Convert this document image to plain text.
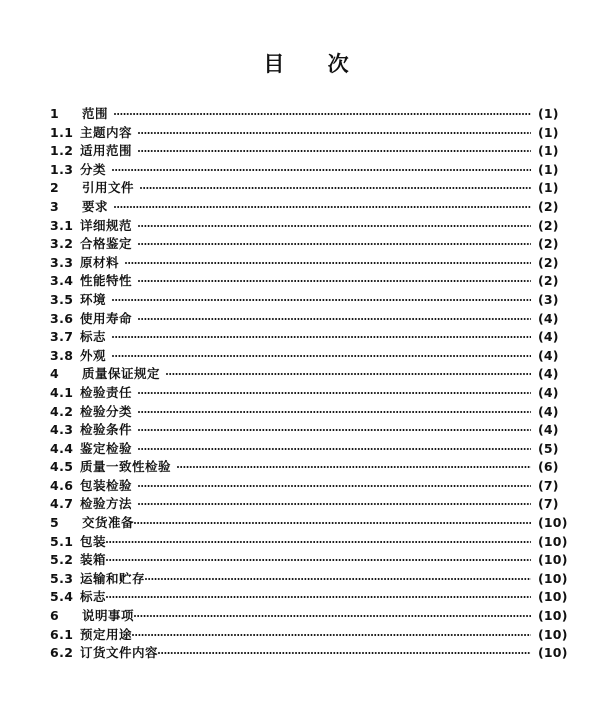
目 次
1	范围	(1)
1.1 主题内容	(1)
1.2 适用范围	(1)
1.3 分类	(1)
2	引用文件	(1)
3	要求	(2)
3.1 详细规范	(2)
3.2 合格鉴定	(2)
3.3 原材料	(2)
3.4 性能特性	(2)
3.5 环境	(3)
3.6 使用寿命	(4)
3.7 标志	(4)
3.8 外观	(4)
4	质量保证规定	(4)
4.1 检验责任	(4)
4.2 检验分类	(4)
4.3 检验条件	(4)
4.4 鉴定检验	(5)
4.5 质量一致性检验	(6)
4.6 包装检验	(7)
4.7 检验方法	(7)
5	交货准备	(10)
5.1 包装	(10)
5.2 装箱	(10)
5.3 运输和贮存	(10)
5.4 标志	(10)
6	说明事项	(10)
6.1 预定用途	(10)
6.2 订货文件内容	(10)
